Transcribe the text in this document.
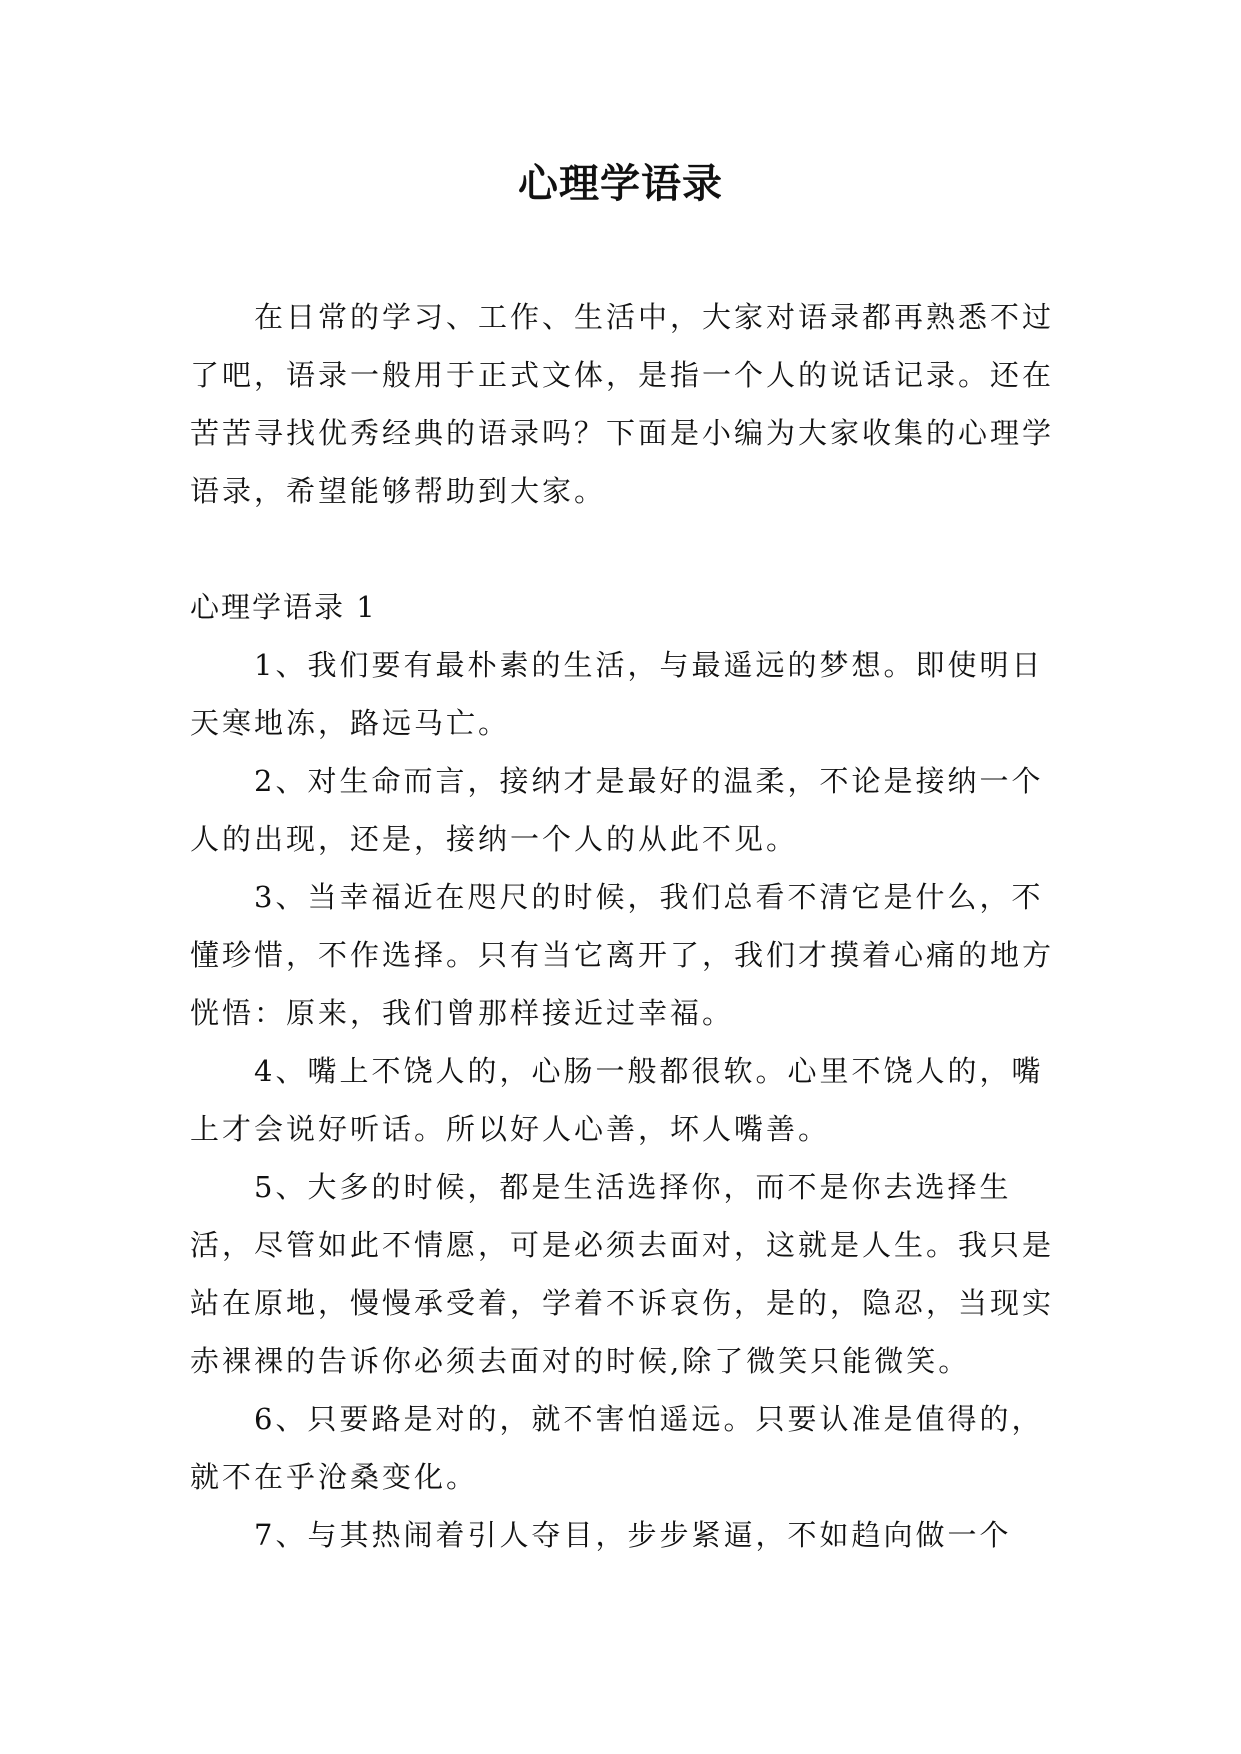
心理学语录

在日常的学习、工作、生活中，大家对语录都再熟悉不过了吧，语录一般用于正式文体，是指一个人的说话记录。还在苦苦寻找优秀经典的语录吗？下面是小编为大家收集的心理学语录，希望能够帮助到大家。

心理学语录 1

1、我们要有最朴素的生活，与最遥远的梦想。即使明日天寒地冻，路远马亡。
2、对生命而言，接纳才是最好的温柔，不论是接纳一个人的出现，还是，接纳一个人的从此不见。
3、当幸福近在咫尺的时候，我们总看不清它是什么，不懂珍惜，不作选择。只有当它离开了，我们才摸着心痛的地方恍悟：原来，我们曾那样接近过幸福。
4、嘴上不饶人的，心肠一般都很软。心里不饶人的，嘴上才会说好听话。所以好人心善，坏人嘴善。
5、大多的时候，都是生活选择你，而不是你去选择生活，尽管如此不情愿，可是必须去面对，这就是人生。我只是站在原地，慢慢承受着，学着不诉哀伤，是的，隐忍，当现实赤裸裸的告诉你必须去面对的时候,除了微笑只能微笑。
6、只要路是对的，就不害怕遥远。只要认准是值得的，就不在乎沧桑变化。
7、与其热闹着引人夺目，步步紧逼，不如趋向做一个
